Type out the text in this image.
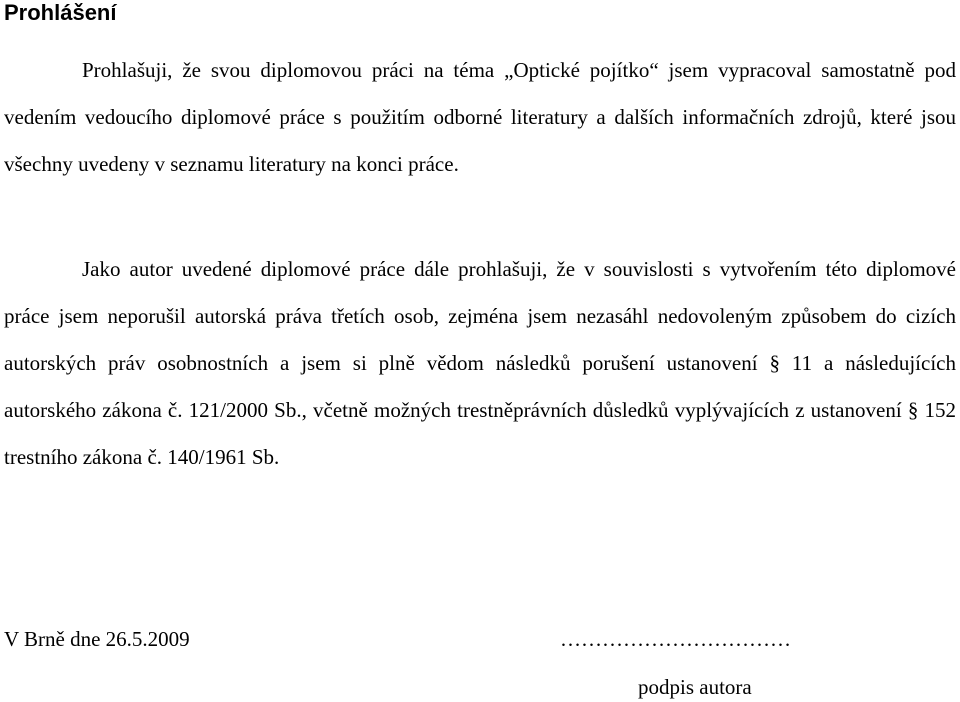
Prohlášení

Prohlašuji, že svou diplomovou práci na téma „Optické pojítko“ jsem vypracoval samostatně pod vedením vedoucího diplomové práce s použitím odborné literatury a dalších informačních zdrojů, které jsou všechny uvedeny v seznamu literatury na konci práce.

Jako autor uvedené diplomové práce dále prohlašuji, že v souvislosti s vytvořením této diplomové práce jsem neporušil autorská práva třetích osob, zejména jsem nezasáhl nedovoleným způsobem do cizích autorských práv osobnostních a jsem si plně vědom následků porušení ustanovení § 11 a následujících autorského zákona č. 121/2000 Sb., včetně možných trestněprávních důsledků vyplývajících z ustanovení § 152 trestního zákona č. 140/1961 Sb.

V Brně dne 26.5.2009	……………………………

podpis autora
